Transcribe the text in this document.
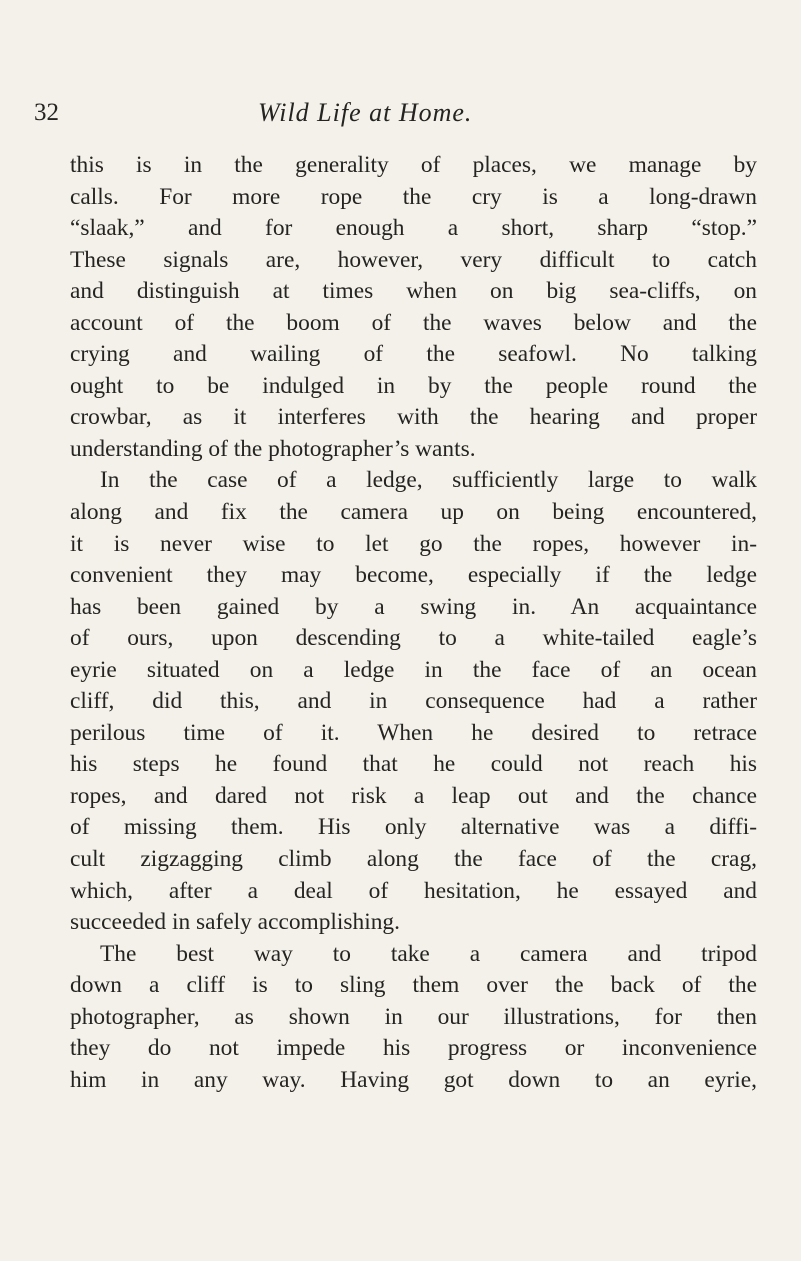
32	Wild Life at Home.
this is in the generality of places, we manage by
calls. For more rope the cry is a long-drawn
“slaak,” and for enough a short, sharp “stop.”
These signals are, however, very difficult to catch
and distinguish at times when on big sea-cliffs, on
account of the boom of the waves below and the
crying and wailing of the seafowl. No talking
ought to be indulged in by the people round the
crowbar, as it interferes with the hearing and proper
understanding of the photographer’s wants.
In the case of a ledge, sufficiently large to walk
along and fix the camera up on being encountered,
it is never wise to let go the ropes, however in-
convenient they may become, especially if the ledge
has been gained by a swing in. An acquaintance
of ours, upon descending to a white-tailed eagle’s
eyrie situated on a ledge in the face of an ocean
cliff, did this, and in consequence had a rather
perilous time of it. When he desired to retrace
his steps he found that he could not reach his
ropes, and dared not risk a leap out and the chance
of missing them. His only alternative was a diffi-
cult zigzagging climb along the face of the crag,
which, after a deal of hesitation, he essayed and
succeeded in safely accomplishing.
The best way to take a camera and tripod
down a cliff is to sling them over the back of the
photographer, as shown in our illustrations, for then
they do not impede his progress or inconvenience
him in any way. Having got down to an eyrie,
